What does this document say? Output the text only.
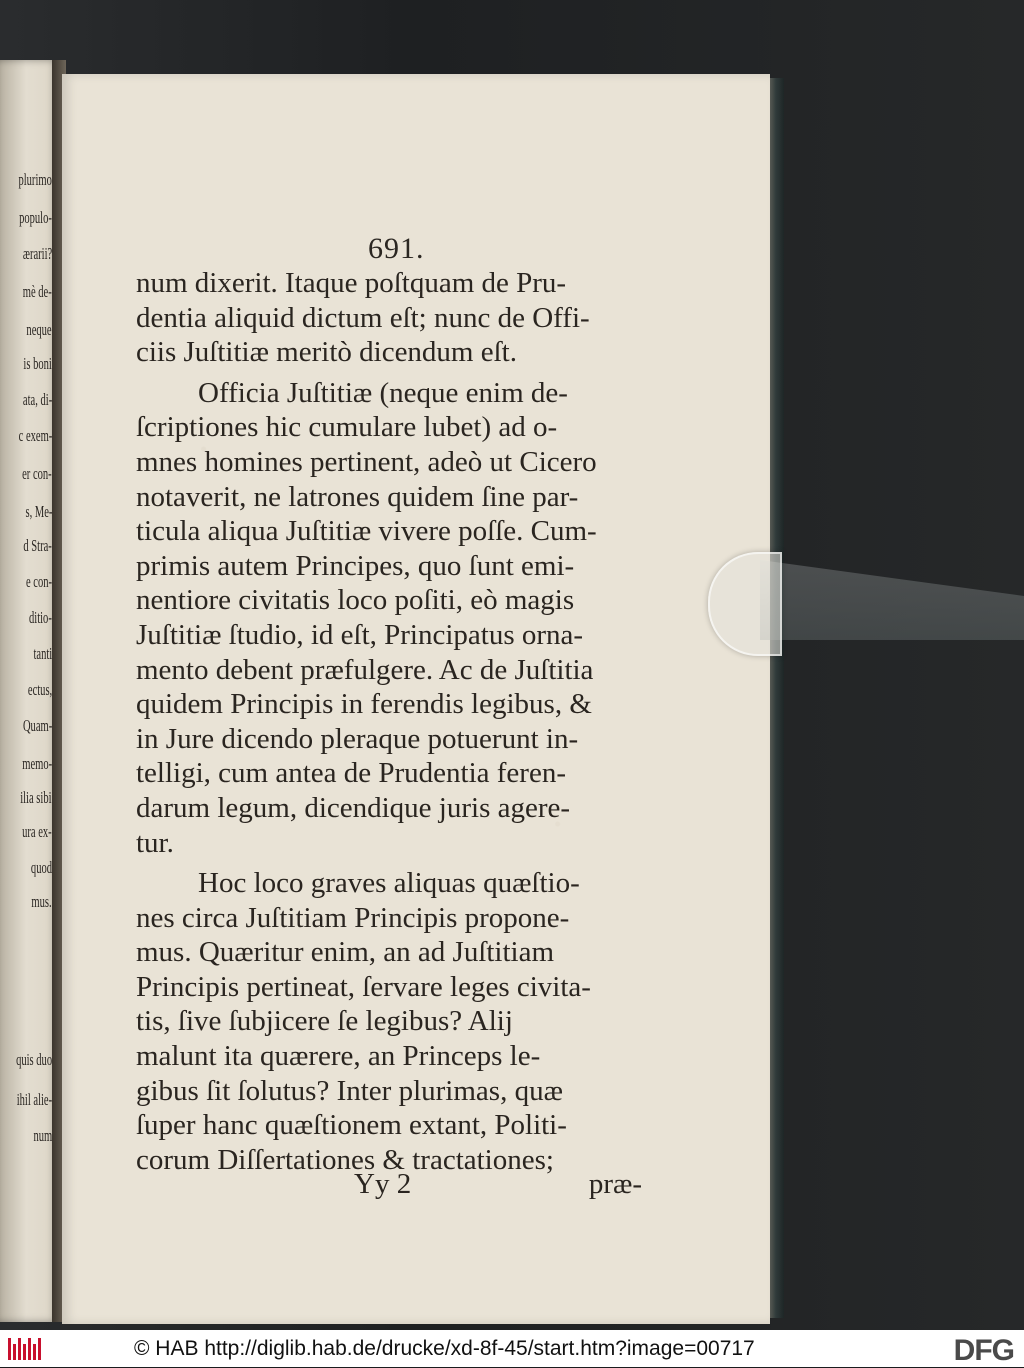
plurimo
populo-
ærarii?
mè de-
neque
is boni
ata, di-
c exem-
er con-
s, Me-
d Stra-
e con-
ditio-
tanti
ectus,
Quam-
memo-
ilia sibi
ura ex-
quod
mus.
quis duo
ihil alie-
num
691.
num dixerit. Itaque poſtquam de Pru-
dentia aliquid dictum eſt; nunc de Offi-
ciis Juſtitiæ meritò dicendum eſt.
Officia Juſtitiæ (neque enim de-
ſcriptiones hic cumulare lubet) ad o-
mnes homines pertinent, adeò ut Cicero
notaverit, ne latrones quidem ſine par-
ticula aliqua Juſtitiæ vivere poſſe. Cum-
primis autem Principes, quo ſunt emi-
nentiore civitatis loco poſiti, eò magis
Juſtitiæ ſtudio, id eſt, Principatus orna-
mento debent præfulgere. Ac de Juſtitia
quidem Principis in ferendis legibus, &
in Jure dicendo pleraque potuerunt in-
telligi, cum antea de Prudentia feren-
darum legum, dicendique juris agere-
tur.
Hoc loco graves aliquas quæſtio-
nes circa Juſtitiam Principis propone-
mus. Quæritur enim, an ad Juſtitiam
Principis pertineat, ſervare leges civita-
tis, ſive ſubjicere ſe legibus? Alij
malunt ita quærere, an Princeps le-
gibus ſit ſolutus? Inter plurimas, quæ
ſuper hanc quæſtionem extant, Politi-
corum Diſſertationes & tractationes;
Yy 2	præ-
© HAB http://diglib.hab.de/drucke/xd-8f-45/start.htm?image=00717	DFG
